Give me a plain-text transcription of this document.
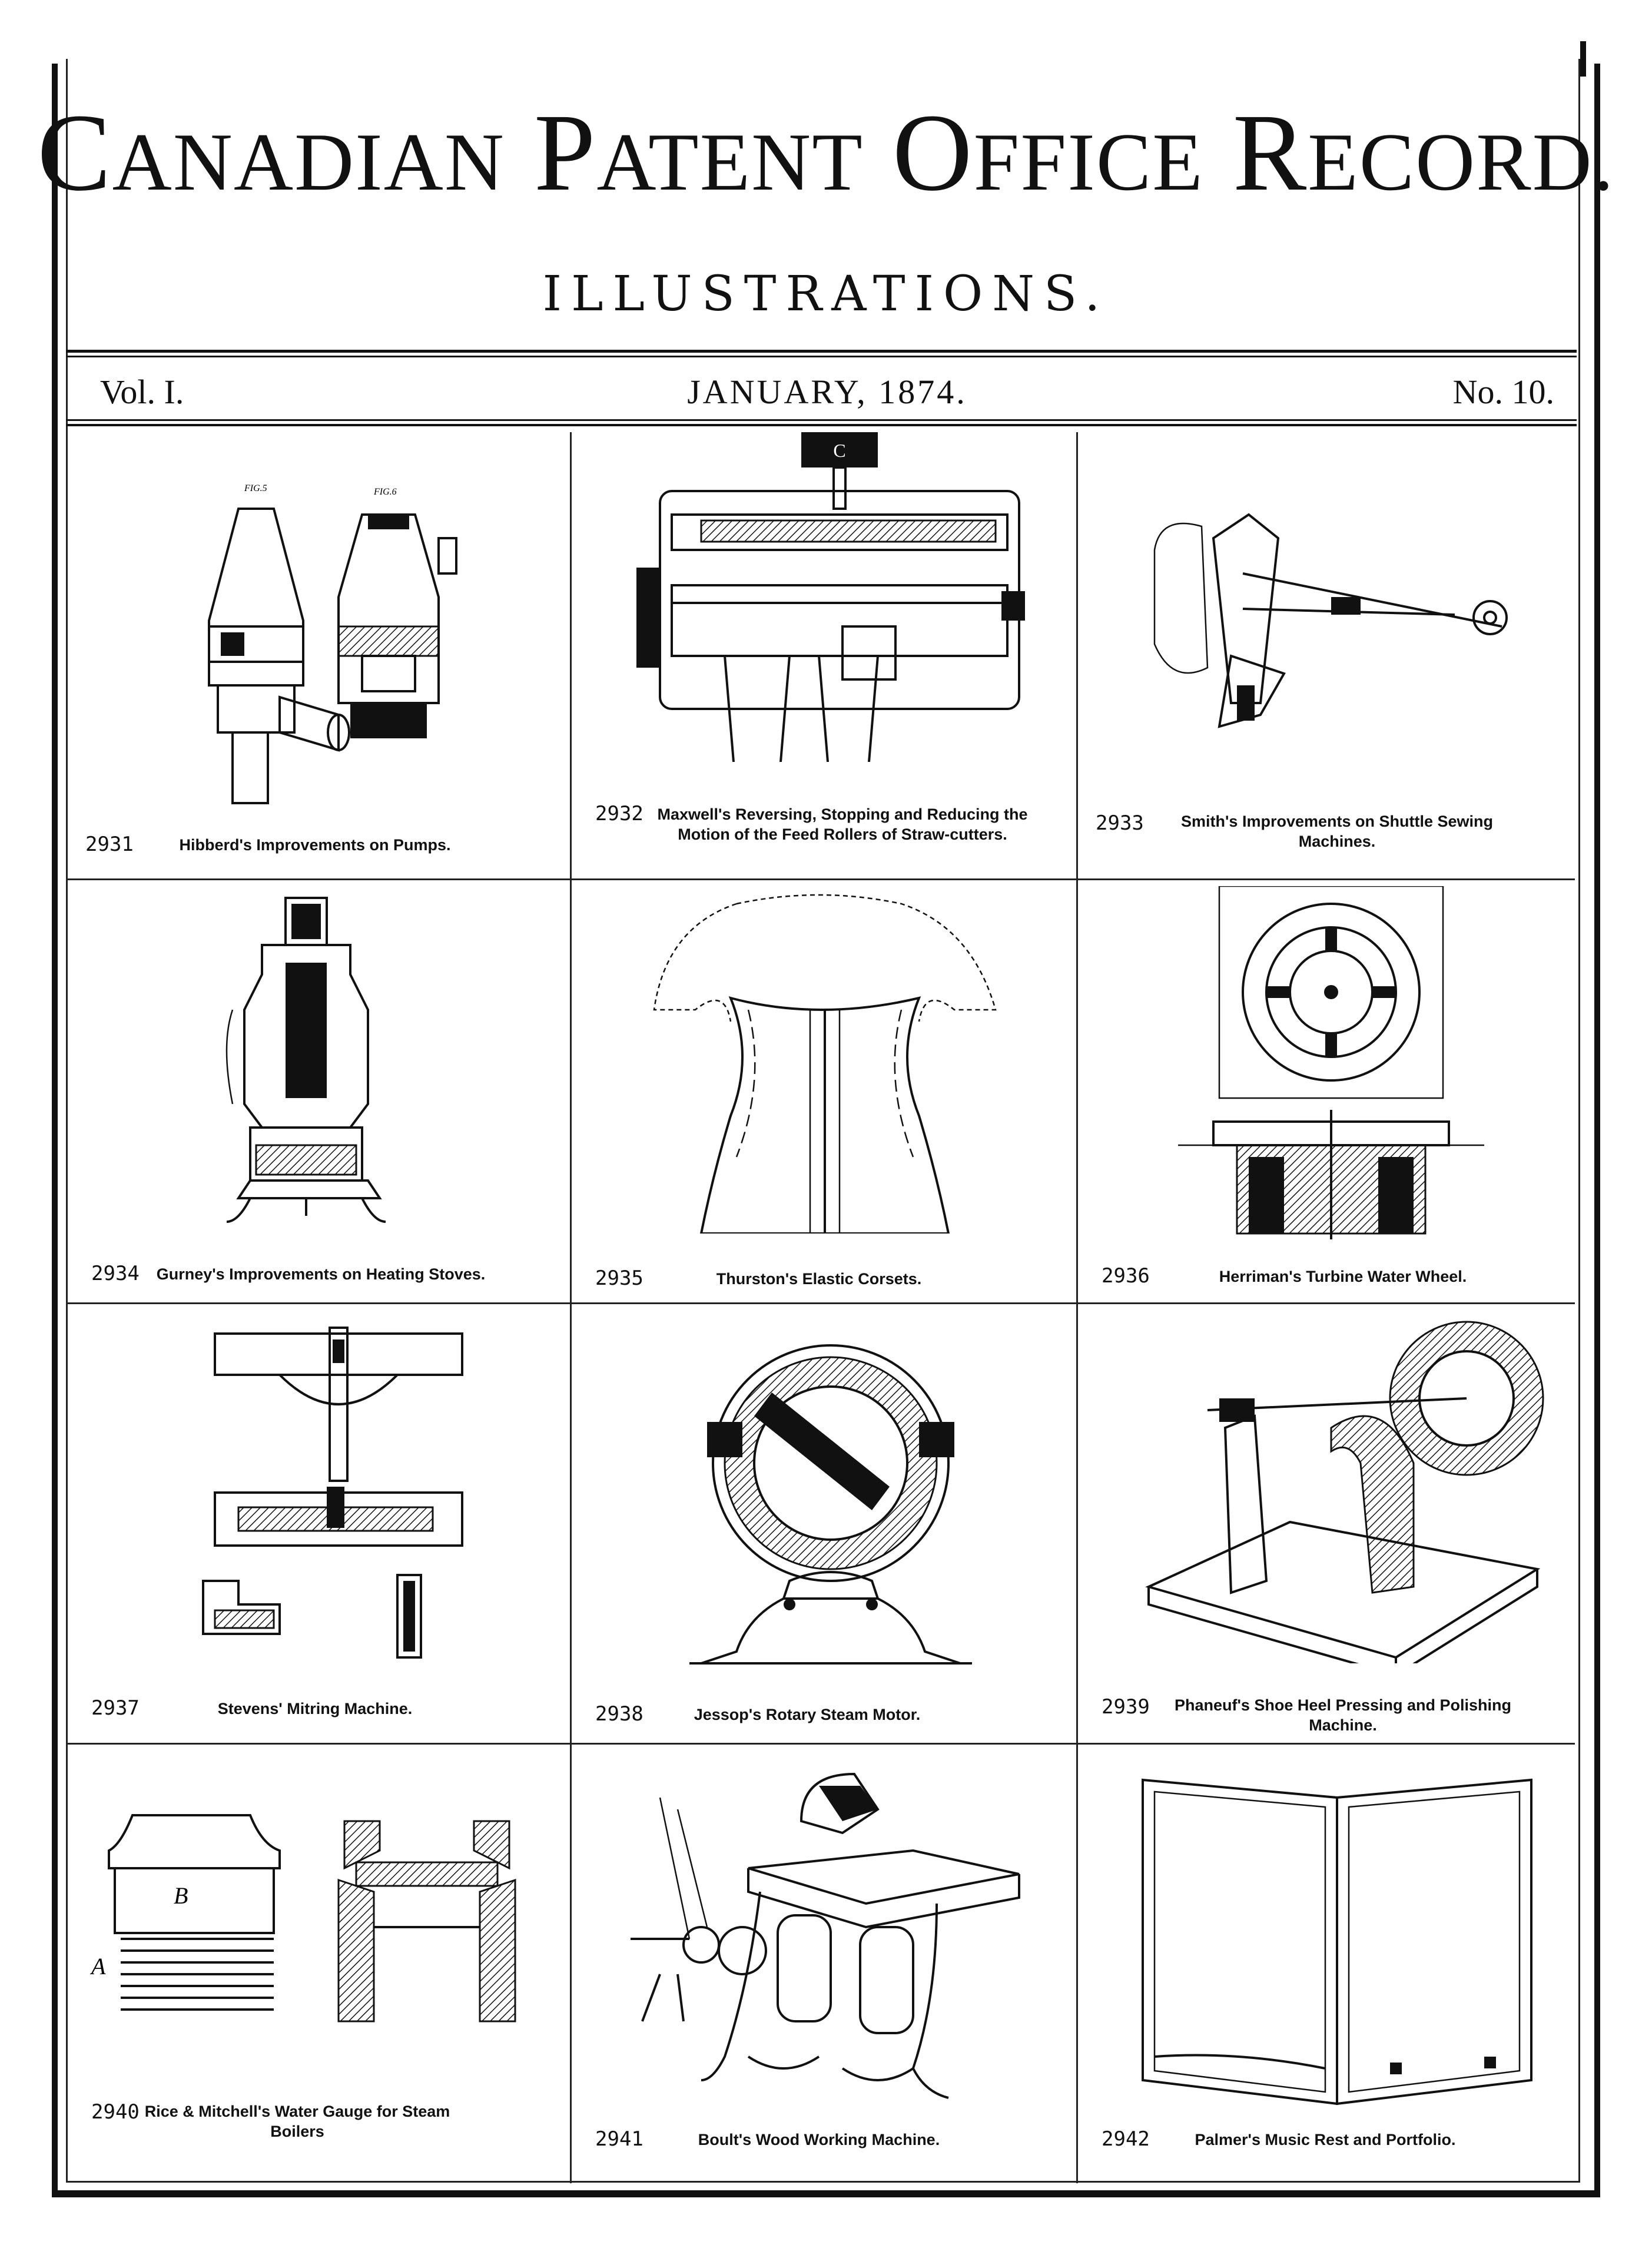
CANADIAN PATENT OFFICE RECORD.
ILLUSTRATIONS.
Vol. I.	JANUARY, 1874.	No. 10.
FIG.5	FIG.6
2931	Hibberd's Improvements on Pumps.
C
2932 Maxwell's Reversing, Stopping and Reducing the Motion of the Feed Rollers of Straw-cutters.	2933	Smith's Improvements on Shuttle Sewing Machines.
2934	Gurney's Improvements on Heating Stoves.	2935	Thurston's Elastic Corsets.	2936	Herriman's Turbine Water Wheel.
2937	Stevens' Mitring Machine.	2938	Jessop's Rotary Steam Motor.	2939	Phaneuf's Shoe Heel Pressing and Polishing Machine.
B
A
2940 Rice & Mitchell's Water Gauge for Steam Boilers	2941	Boult's Wood Working Machine.	2942	Palmer's Music Rest and Portfolio.
